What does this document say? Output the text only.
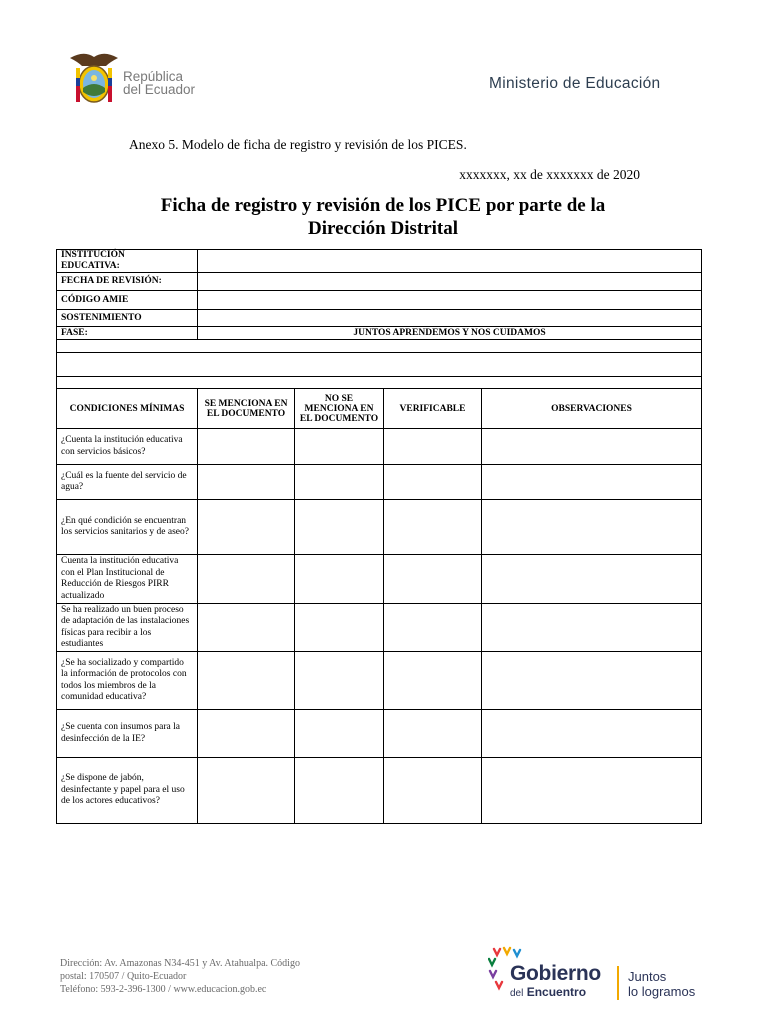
República
del Ecuador	Ministerio de Educación
Anexo 5. Modelo de ficha de registro y revisión de los PICES.
xxxxxxx, xx de xxxxxxx de 2020
Ficha de registro y revisión de los PICE por parte de la
Dirección Distrital
INSTITUCIÓN
EDUCATIVA:				

FECHA DE REVISIÓN:				
CÓDIGO AMIE				
SOSTENIMIENTO				
FASE:	JUNTOS APRENDEMOS Y NOS CUIDAMOS			

CONDICIONES MÍNIMAS	SE MENCIONA EN EL DOCUMENTO	NO SE MENCIONA EN EL DOCUMENTO	VERIFICABLE	OBSERVACIONES
¿Cuenta la institución educativa con servicios básicos?				
¿Cuál es la fuente del servicio de agua?				
¿En qué condición se encuentran los servicios sanitarios y de aseo?				
Cuenta la institución educativa con el Plan Institucional de Reducción de Riesgos PIRR actualizado				
Se ha realizado un buen proceso de adaptación de las instalaciones físicas para recibir a los estudiantes				
¿Se ha socializado y compartido la información de protocolos con todos los miembros de la comunidad educativa?				
¿Se cuenta con insumos para la desinfección de la IE?				
¿Se dispone de jabón, desinfectante y papel para el uso de los actores educativos?				
Dirección: Av. Amazonas N34-451 y Av. Atahualpa. Código
postal: 170507 / Quito-Ecuador
Teléfono: 593-2-396-1300 / www.educacion.gob.ec
Gobierno
del Encuentro
Juntos
lo logramos
